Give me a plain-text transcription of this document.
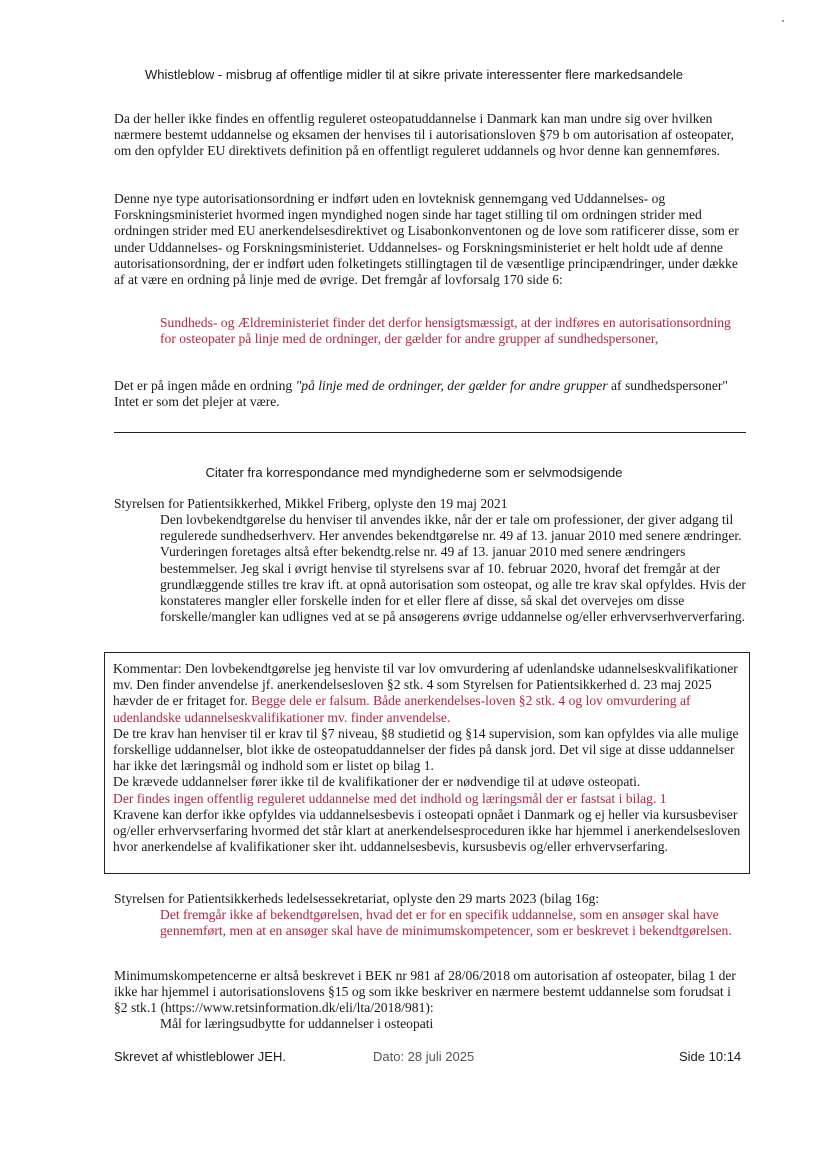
Whistleblow - misbrug af offentlige midler til at sikre private interessenter flere markedsandele

Da der heller ikke findes en offentlig reguleret osteopatuddannelse i Danmark kan man undre sig over hvilken nærmere bestemt uddannelse og eksamen der henvises til i autorisationsloven §79 b om autorisation af osteopater, om den opfylder EU direktivets definition på en offentligt reguleret uddannels og hvor denne kan gennemføres.

Denne nye type autorisationsordning er indført uden en lovteknisk gennemgang ved Uddannelses- og Forskningsministeriet hvormed ingen myndighed nogen sinde har taget stilling til om ordningen strider med ordningen strider med EU anerkendelsesdirektivet og Lisabonkonventonen og de love som ratificerer disse, som er under Uddannelses- og Forskningsministeriet. Uddannelses- og Forskningsministeriet er helt holdt ude af denne autorisationsordning, der er indført uden folketingets stillingtagen til de væsentlige principændringer, under dække af at være en ordning på linje med de øvrige. Det fremgår af lovforsalg 170 side 6:

Sundheds- og Ældreministeriet finder det derfor hensigtsmæssigt, at der indføres en autorisationsordning for osteopater på linje med de ordninger, der gælder for andre grupper af sundhedspersoner,

Det er på ingen måde en ordning "på linje med de ordninger, der gælder for andre grupper af sundhedspersoner" Intet er som det plejer at være.

Citater fra korrespondance med myndighederne som er selvmodsigende

Styrelsen for Patientsikkerhed, Mikkel Friberg, oplyste den 19 maj 2021

Den lovbekendtgørelse du henviser til anvendes ikke, når der er tale om professioner, der giver adgang til regulerede sundhedserhverv. Her anvendes bekendtgørelse nr. 49 af 13. januar 2010 med senere ændringer. Vurderingen foretages altså efter bekendtg.relse nr. 49 af 13. januar 2010 med senere ændringers bestemmelser. Jeg skal i øvrigt henvise til styrelsens svar af 10. februar 2020, hvoraf det fremgår at der grundlæggende stilles tre krav ift. at opnå autorisation som osteopat, og alle tre krav skal opfyldes. Hvis der konstateres mangler eller forskelle inden for et eller flere af disse, så skal det overvejes om disse forskelle/mangler kan udlignes ved at se på ansøgerens øvrige uddannelse og/eller erhvervserhververfaring.

Kommentar: Den lovbekendtgørelse jeg henviste til var lov omvurdering af udenlandske udannelseskvalifikationer mv. Den finder anvendelse jf. anerkendelsesloven §2 stk. 4 som Styrelsen for Patientsikkerhed d. 23 maj 2025 hævder de er fritaget for. Begge dele er falsum. Både anerkendelses-loven §2 stk. 4 og lov omvurdering af udenlandske udannelseskvalifikationer mv. finder anvendelse.

De tre krav han henviser til er krav til §7 niveau, §8 studietid og §14 supervision, som kan opfyldes via alle mulige forskellige uddannelser, blot ikke de osteopatuddannelser der fides på dansk jord. Det vil sige at disse uddannelser har ikke det læringsmål og indhold som er listet op bilag 1.

De krævede uddannelser fører ikke til de kvalifikationer der er nødvendige til at udøve osteopati.

Der findes ingen offentlig reguleret uddannelse med det indhold og læringsmål der er fastsat i bilag. 1

Kravene kan derfor ikke opfyldes via uddannelsesbevis i osteopati opnået i Danmark og ej heller via kursusbeviser og/eller erhvervserfaring hvormed det står klart at anerkendelsesproceduren ikke har hjemmel i anerkendelsesloven hvor anerkendelse af kvalifikationer sker iht. uddannelsesbevis, kursusbevis og/eller erhvervserfaring.

Styrelsen for Patientsikkerheds ledelsessekretariat, oplyste den 29 marts 2023 (bilag 16g:

Det fremgår ikke af bekendtgørelsen, hvad det er for en specifik uddannelse, som en ansøger skal have gennemført, men at en ansøger skal have de minimumskompetencer, som er beskrevet i bekendtgørelsen.

Minimumskompetencerne er altså beskrevet i BEK nr 981 af 28/06/2018 om autorisation af osteopater, bilag 1 der ikke har hjemmel i autorisationslovens §15 og som ikke beskriver en nærmere bestemt uddannelse som forudsat i §2 stk.1 (https://www.retsinformation.dk/eli/lta/2018/981):

Mål for læringsudbytte for uddannelser i osteopati

Skrevet af whistleblower JEH.	Dato: 28 juli 2025	Side 10:14
